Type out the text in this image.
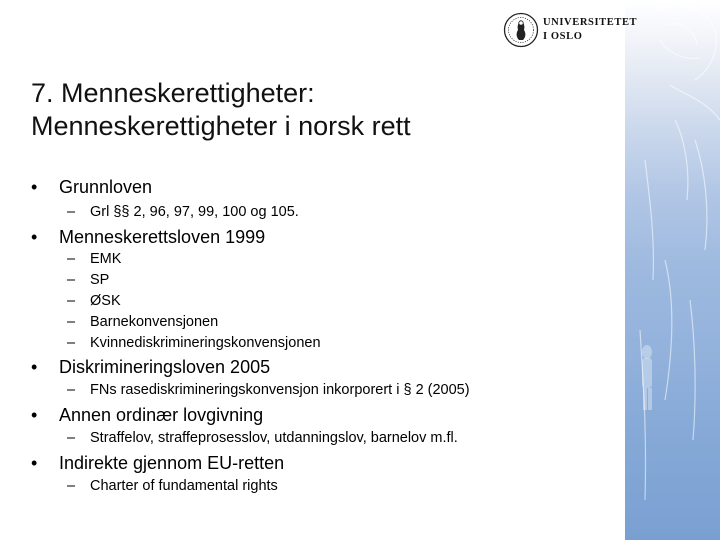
UNIVERSITETET
I OSLO
7. Menneskerettigheter:
Menneskerettigheter i norsk rett
• Grunnloven
– Grl §§ 2, 96, 97, 99, 100 og 105.
• Menneskerettsloven 1999
– EMK
– SP
– ØSK
– Barnekonvensjonen
– Kvinnediskrimineringskonvensjonen
• Diskrimineringsloven 2005
– FNs rasediskrimineringskonvensjon inkorporert i § 2 (2005)
• Annen ordinær lovgivning
– Straffelov, straffeprosesslov, utdanningslov, barnelov m.fl.
• Indirekte gjennom EU-retten
– Charter of fundamental rights
